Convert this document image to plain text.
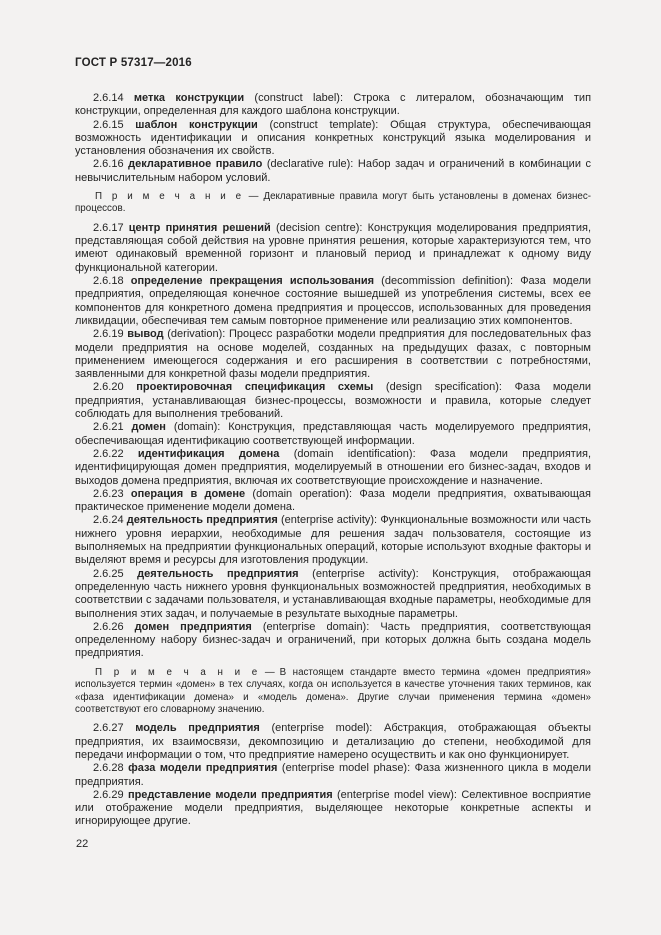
ГОСТ Р 57317—2016

2.6.14 метка конструкции (construct label): Строка с литералом, обозначающим тип конструкции, определенная для каждого шаблона конструкции.

2.6.15 шаблон конструкции (construct template): Общая структура, обеспечивающая возможность идентификации и описания конкретных конструкций языка моделирования и установления обозначения их свойств.

2.6.16 декларативное правило (declarative rule): Набор задач и ограничений в комбинации с невычислительным набором условий.

П р и м е ч а н и е — Декларативные правила могут быть установлены в доменах бизнес-процессов.

2.6.17 центр принятия решений (decision centre): Конструкция моделирования предприятия, представляющая собой действия на уровне принятия решения, которые характеризуются тем, что имеют одинаковый временной горизонт и плановый период и принадлежат к одному виду функциональной категории.

2.6.18 определение прекращения использования (decommission definition): Фаза модели предприятия, определяющая конечное состояние вышедшей из употребления системы, всех ее компонентов для конкретного домена предприятия и процессов, использованных для проведения ликвидации, обеспечивая тем самым повторное применение или реализацию этих компонентов.

2.6.19 вывод (derivation): Процесс разработки модели предприятия для последовательных фаз модели предприятия на основе моделей, созданных на предыдущих фазах, с повторным применением имеющегося содержания и его расширения в соответствии с потребностями, заявленными для конкретной фазы модели предприятия.

2.6.20 проектировочная спецификация схемы (design specification): Фаза модели предприятия, устанавливающая бизнес-процессы, возможности и правила, которые следует соблюдать для выполнения требований.

2.6.21 домен (domain): Конструкция, представляющая часть моделируемого предприятия, обеспечивающая идентификацию соответствующей информации.

2.6.22 идентификация домена (domain identification): Фаза модели предприятия, идентифицирующая домен предприятия, моделируемый в отношении его бизнес-задач, входов и выходов домена предприятия, включая их соответствующие происхождение и назначение.

2.6.23 операция в домене (domain operation): Фаза модели предприятия, охватывающая практическое применение модели домена.

2.6.24 деятельность предприятия (enterprise activity): Функциональные возможности или часть нижнего уровня иерархии, необходимые для решения задач пользователя, состоящие из выполняемых на предприятии функциональных операций, которые используют входные факторы и выделяют время и ресурсы для изготовления продукции.

2.6.25 деятельность предприятия (enterprise activity): Конструкция, отображающая определенную часть нижнего уровня функциональных возможностей предприятия, необходимых в соответствии с задачами пользователя, и устанавливающая входные параметры, необходимые для выполнения этих задач, и получаемые в результате выходные параметры.

2.6.26 домен предприятия (enterprise domain): Часть предприятия, соответствующая определенному набору бизнес-задач и ограничений, при которых должна быть создана модель предприятия.

П р и м е ч а н и е — В настоящем стандарте вместо термина «домен предприятия» используется термин «домен» в тех случаях, когда он используется в качестве уточнения таких терминов, как «фаза идентификации домена» и «модель домена». Другие случаи применения термина «домен» соответствуют его словарному значению.

2.6.27 модель предприятия (enterprise model): Абстракция, отображающая объекты предприятия, их взаимосвязи, декомпозицию и детализацию до степени, необходимой для передачи информации о том, что предприятие намерено осуществить и как оно функционирует.

2.6.28 фаза модели предприятия (enterprise model phase): Фаза жизненного цикла в модели предприятия.

2.6.29 представление модели предприятия (enterprise model view): Селективное восприятие или отображение модели предприятия, выделяющее некоторые конкретные аспекты и игнорирующее другие.

22
